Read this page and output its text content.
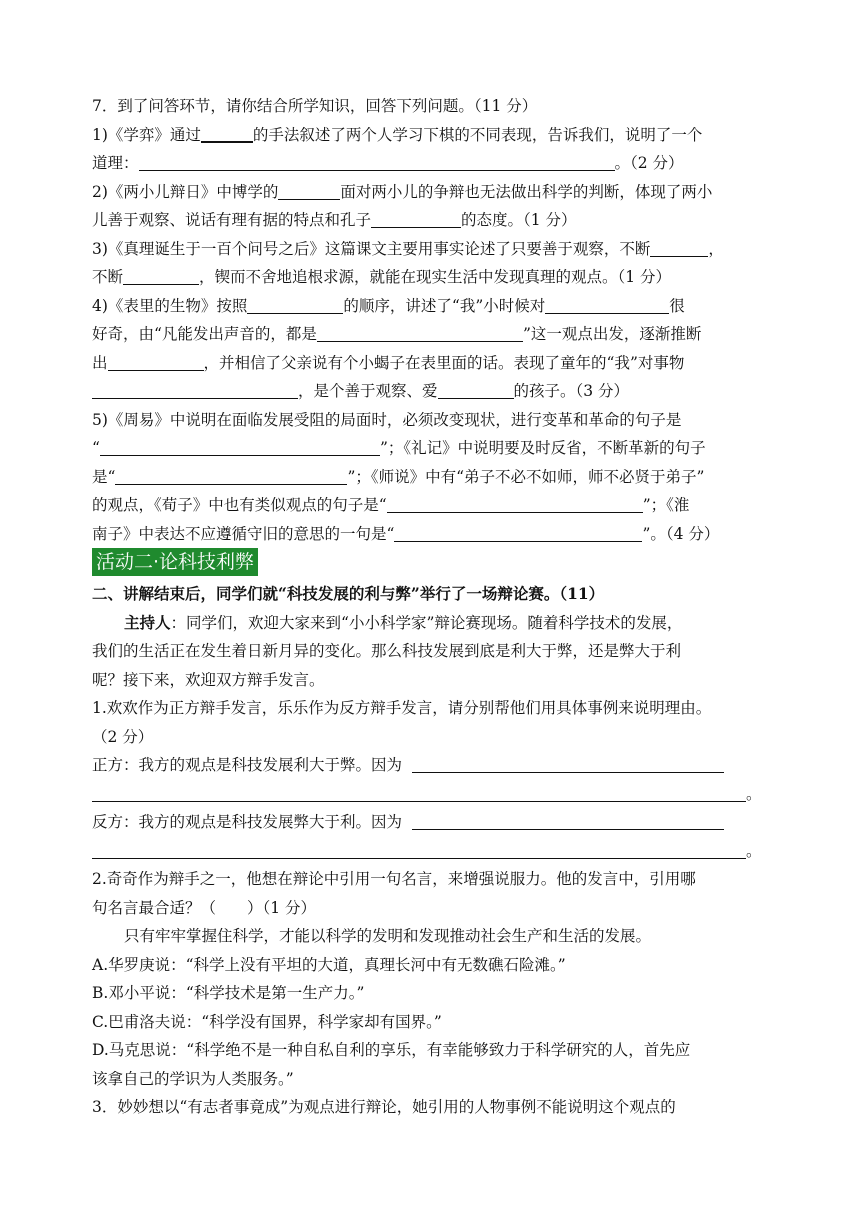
7．到了问答环节，请你结合所学知识，回答下列问题。（11 分）
1)《学弈》通过	的手法叙述了两个人学习下棋的不同表现，告诉我们，说明了一个
道理：	。（2 分）
2)《两小儿辩日》中博学的	面对两小儿的争辩也无法做出科学的判断，体现了两小
儿善于观察、说话有理有据的特点和孔子	的态度。（1 分）
3)《真理诞生于一百个问号之后》这篇课文主要用事实论述了只要善于观察，不断	，
不断	，锲而不舍地追根求源，就能在现实生活中发现真理的观点。（1 分）
4)《表里的生物》按照	的顺序，讲述了“我”小时候对	很
好奇，由“凡能发出声音的，都是	”这一观点出发，逐渐推断
出	，并相信了父亲说有个小蝎子在表里面的话。表现了童年的“我”对事物
，是个善于观察、爱	的孩子。（3 分）
5)《周易》中说明在面临发展受阻的局面时，必须改变现状，进行变革和革命的句子是
“	”；《礼记》中说明要及时反省，不断革新的句子
是“	”；《师说》中有“弟子不必不如师，师不必贤于弟子”
的观点，《荀子》中也有类似观点的句子是“	”；《淮
南子》中表达不应遵循守旧的意思的一句是“	”。（4 分）
活动二·论科技利弊
二、讲解结束后，同学们就“科技发展的利与弊”举行了一场辩论赛。（11）
主持人：同学们，欢迎大家来到“小小科学家”辩论赛现场。随着科学技术的发展，
我们的生活正在发生着日新月异的变化。那么科技发展到底是利大于弊，还是弊大于利
呢？接下来，欢迎双方辩手发言。
1.欢欢作为正方辩手发言，乐乐作为反方辩手发言，请分别帮他们用具体事例来说明理由。
（2 分）
正方：我方的观点是科技发展利大于弊。因为
。
反方：我方的观点是科技发展弊大于利。因为
。
2.奇奇作为辩手之一，他想在辩论中引用一句名言，来增强说服力。他的发言中，引用哪
句名言最合适？（　　）（1 分）
只有牢牢掌握住科学，才能以科学的发明和发现推动社会生产和生活的发展。
A.华罗庚说：“科学上没有平坦的大道，真理长河中有无数礁石险滩。”
B.邓小平说：“科学技术是第一生产力。”
C.巴甫洛夫说：“科学没有国界，科学家却有国界。”
D.马克思说：“科学绝不是一种自私自利的享乐，有幸能够致力于科学研究的人，首先应
该拿自己的学识为人类服务。”
3．妙妙想以“有志者事竟成”为观点进行辩论，她引用的人物事例不能说明这个观点的
